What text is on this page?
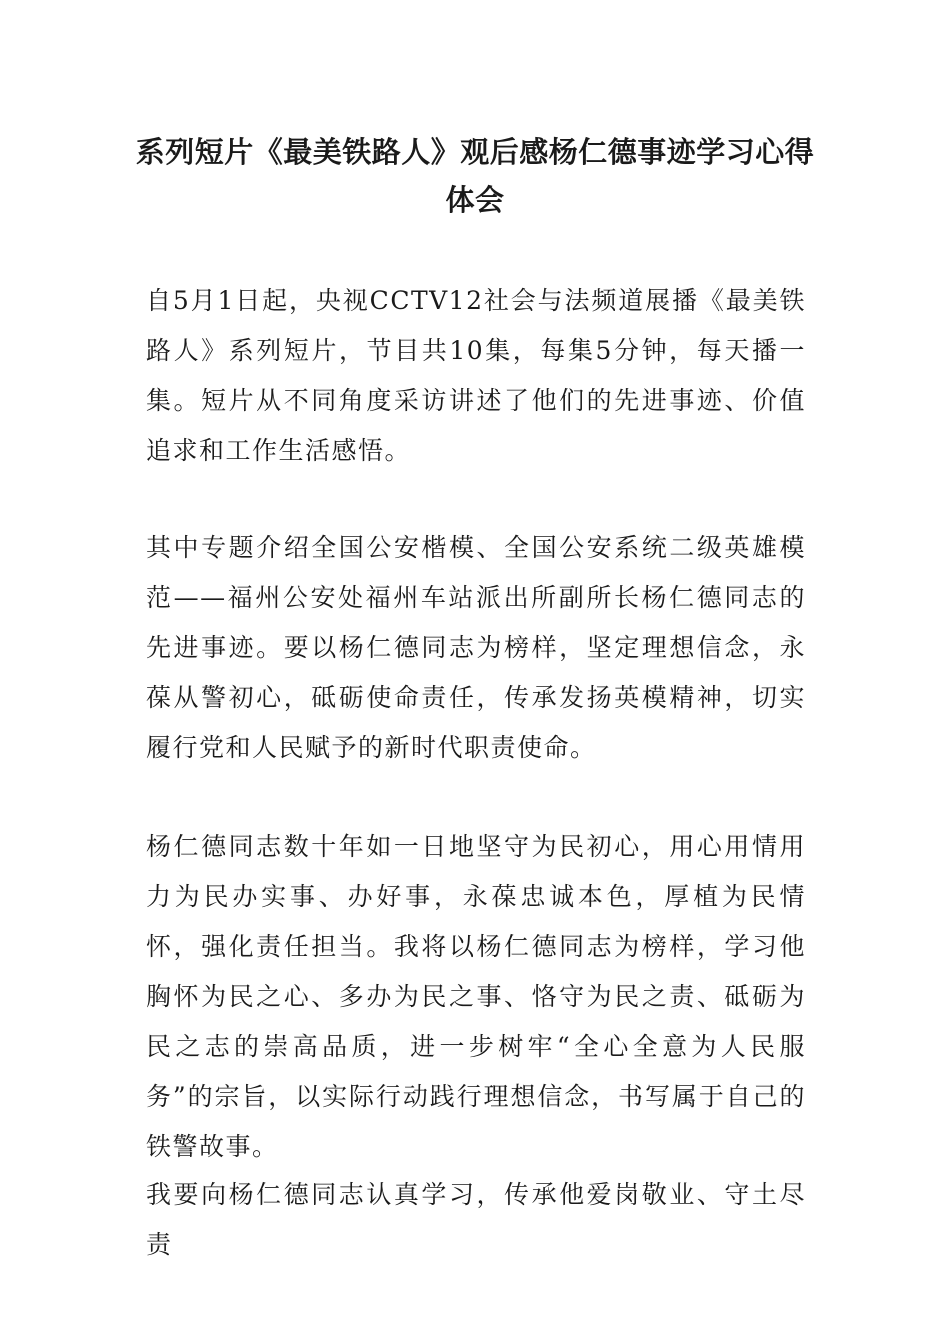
系列短片《最美铁路人》观后感杨仁德事迹学习心得体会

自5月1日起，央视CCTV12社会与法频道展播《最美铁路人》系列短片，节目共10集，每集5分钟，每天播一集。短片从不同角度采访讲述了他们的先进事迹、价值追求和工作生活感悟。

其中专题介绍全国公安楷模、全国公安系统二级英雄模范——福州公安处福州车站派出所副所长杨仁德同志的先进事迹。要以杨仁德同志为榜样，坚定理想信念，永葆从警初心，砥砺使命责任，传承发扬英模精神，切实履行党和人民赋予的新时代职责使命。

杨仁德同志数十年如一日地坚守为民初心，用心用情用力为民办实事、办好事，永葆忠诚本色，厚植为民情怀，强化责任担当。我将以杨仁德同志为榜样，学习他胸怀为民之心、多办为民之事、恪守为民之责、砥砺为民之志的崇高品质，进一步树牢“全心全意为人民服务”的宗旨，以实际行动践行理想信念，书写属于自己的铁警故事。

我要向杨仁德同志认真学习，传承他爱岗敬业、守土尽责
